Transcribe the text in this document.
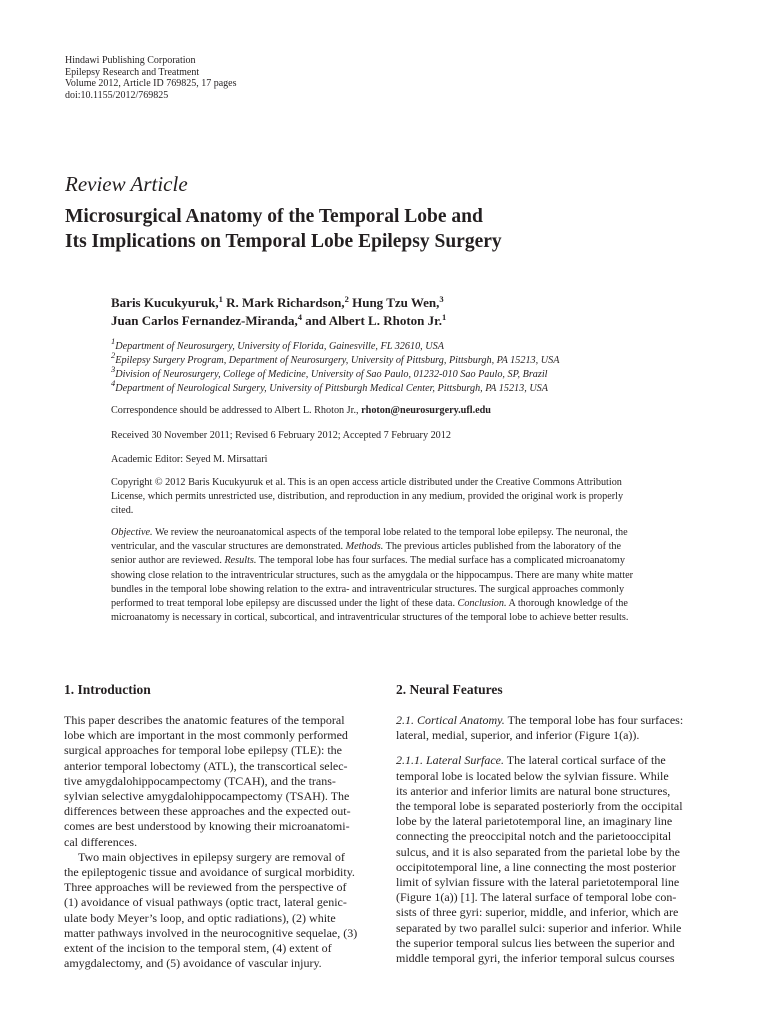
Hindawi Publishing Corporation
Epilepsy Research and Treatment
Volume 2012, Article ID 769825, 17 pages
doi:10.1155/2012/769825
Review Article
Microsurgical Anatomy of the Temporal Lobe and
Its Implications on Temporal Lobe Epilepsy Surgery
Baris Kucukyuruk,$^1$ R. Mark Richardson,$^2$ Hung Tzu Wen,$^3$
Juan Carlos Fernandez-Miranda,$^4$ and Albert L. Rhoton Jr.$^1$
$^1$Department of Neurosurgery, University of Florida, Gainesville, FL 32610, USA
$^2$Epilepsy Surgery Program, Department of Neurosurgery, University of Pittsburg, Pittsburgh, PA 15213, USA
$^3$Division of Neurosurgery, College of Medicine, University of Sao Paulo, 01232-010 Sao Paulo, SP, Brazil
$^4$Department of Neurological Surgery, University of Pittsburgh Medical Center, Pittsburgh, PA 15213, USA
Correspondence should be addressed to Albert L. Rhoton Jr., rhoton@neurosurgery.ufl.edu
Received 30 November 2011; Revised 6 February 2012; Accepted 7 February 2012
Academic Editor: Seyed M. Mirsattari
Copyright © 2012 Baris Kucukyuruk et al. This is an open access article distributed under the Creative Commons Attribution
License, which permits unrestricted use, distribution, and reproduction in any medium, provided the original work is properly
cited.
Objective. We review the neuroanatomical aspects of the temporal lobe related to the temporal lobe epilepsy. The neuronal, the
ventricular, and the vascular structures are demonstrated. Methods. The previous articles published from the laboratory of the
senior author are reviewed. Results. The temporal lobe has four surfaces. The medial surface has a complicated microanatomy
showing close relation to the intraventricular structures, such as the amygdala or the hippocampus. There are many white matter
bundles in the temporal lobe showing relation to the extra- and intraventricular structures. The surgical approaches commonly
performed to treat temporal lobe epilepsy are discussed under the light of these data. Conclusion. A thorough knowledge of the
microanatomy is necessary in cortical, subcortical, and intraventricular structures of the temporal lobe to achieve better results.
1. Introduction
This paper describes the anatomic features of the temporal
lobe which are important in the most commonly performed
surgical approaches for temporal lobe epilepsy (TLE): the
anterior temporal lobectomy (ATL), the transcortical selec-
tive amygdalohippocampectomy (TCAH), and the trans-
sylvian selective amygdalohippocampectomy (TSAH). The
differences between these approaches and the expected out-
comes are best understood by knowing their microanatomi-
cal differences.
Two main objectives in epilepsy surgery are removal of
the epileptogenic tissue and avoidance of surgical morbidity.
Three approaches will be reviewed from the perspective of
(1) avoidance of visual pathways (optic tract, lateral genic-
ulate body Meyer’s loop, and optic radiations), (2) white
matter pathways involved in the neurocognitive sequelae, (3)
extent of the incision to the temporal stem, (4) extent of
amygdalectomy, and (5) avoidance of vascular injury.
2. Neural Features
2.1. Cortical Anatomy. The temporal lobe has four surfaces:
lateral, medial, superior, and inferior (Figure 1(a)).
2.1.1. Lateral Surface. The lateral cortical surface of the
temporal lobe is located below the sylvian fissure. While
its anterior and inferior limits are natural bone structures,
the temporal lobe is separated posteriorly from the occipital
lobe by the lateral parietotemporal line, an imaginary line
connecting the preoccipital notch and the parietooccipital
sulcus, and it is also separated from the parietal lobe by the
occipitotemporal line, a line connecting the most posterior
limit of sylvian fissure with the lateral parietotemporal line
(Figure 1(a)) [1]. The lateral surface of temporal lobe con-
sists of three gyri: superior, middle, and inferior, which are
separated by two parallel sulci: superior and inferior. While
the superior temporal sulcus lies between the superior and
middle temporal gyri, the inferior temporal sulcus courses
